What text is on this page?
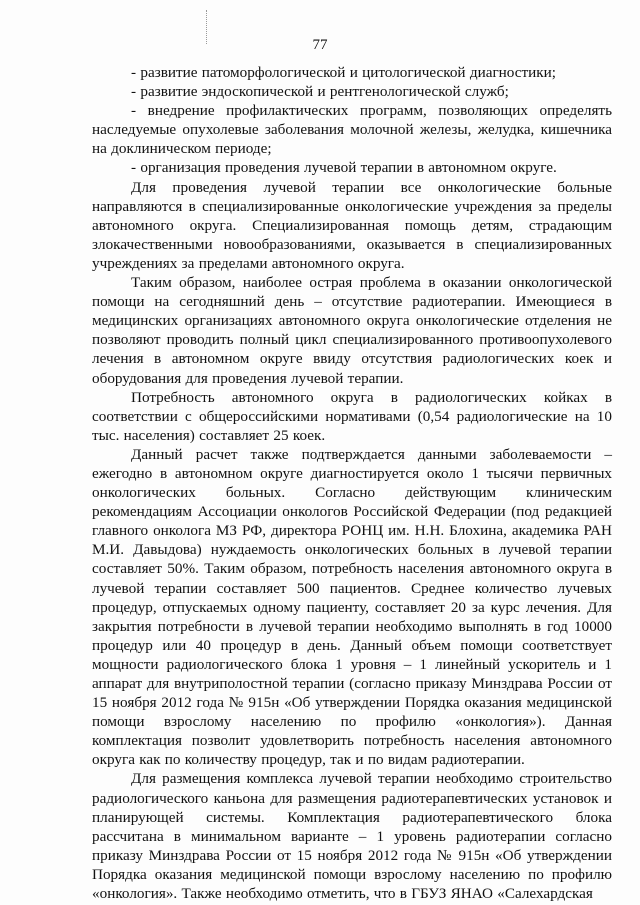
77

- развитие патоморфологической и цитологической диагностики;

- развитие эндоскопической и рентгенологической служб;

- внедрение профилактических программ, позволяющих определять наследуемые опухолевые заболевания молочной железы, желудка, кишечника на доклиническом периоде;

- организация проведения лучевой терапии в автономном округе.

Для проведения лучевой терапии все онкологические больные направляются в специализированные онкологические учреждения за пределы автономного округа. Специализированная помощь детям, страдающим злокачественными новообразованиями, оказывается в специализированных учреждениях за пределами автономного округа.

Таким образом, наиболее острая проблема в оказании онкологической помощи на сегодняшний день – отсутствие радиотерапии. Имеющиеся в медицинских организациях автономного округа онкологические отделения не позволяют проводить полный цикл специализированного противоопухолевого лечения в автономном округе ввиду отсутствия радиологических коек и оборудования для проведения лучевой терапии.

Потребность автономного округа в радиологических койках в соответствии с общероссийскими нормативами (0,54 радиологические на 10 тыс. населения) составляет 25 коек.

Данный расчет также подтверждается данными заболеваемости – ежегодно в автономном округе диагностируется около 1 тысячи первичных онкологических больных. Согласно действующим клиническим рекомендациям Ассоциации онкологов Российской Федерации (под редакцией главного онколога МЗ РФ, директора РОНЦ им. Н.Н. Блохина, академика РАН М.И. Давыдова) нуждаемость онкологических больных в лучевой терапии составляет 50%. Таким образом, потребность населения автономного округа в лучевой терапии составляет 500 пациентов. Среднее количество лучевых процедур, отпускаемых одному пациенту, составляет 20 за курс лечения. Для закрытия потребности в лучевой терапии необходимо выполнять в год 10000 процедур или 40 процедур в день. Данный объем помощи соответствует мощности радиологического блока 1 уровня – 1 линейный ускоритель и 1 аппарат для внутриполостной терапии (согласно приказу Минздрава России от 15 ноября 2012 года № 915н «Об утверждении Порядка оказания медицинской помощи взрослому населению по профилю «онкология»). Данная комплектация позволит удовлетворить потребность населения автономного округа как по количеству процедур, так и по видам радиотерапии.

Для размещения комплекса лучевой терапии необходимо строительство радиологического каньона для размещения радиотерапевтических установок и планирующей системы. Комплектация радиотерапевтического блока рассчитана в минимальном варианте – 1 уровень радиотерапии согласно приказу Минздрава России от 15 ноября 2012 года № 915н «Об утверждении Порядка оказания медицинской помощи взрослому населению по профилю «онкология». Также необходимо отметить, что в ГБУЗ ЯНАО «Салехардская
